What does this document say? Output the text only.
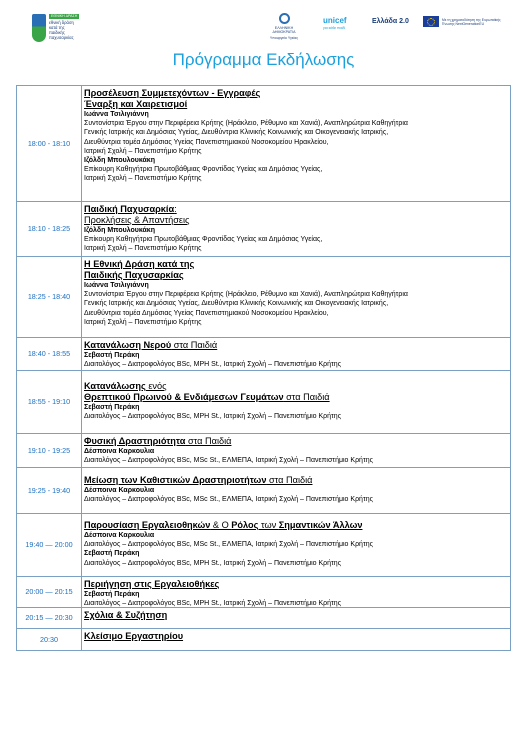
ΕΘΝΙΚΗ ΔΡΑΣΗ
εθνική δράση
κατά της
παιδικής
παχυσαρκίας
ΕΛΛΗΝΙΚΗ ΔΗΜΟΚΡΑΤΙΑ
Υπουργείο Υγείας
unicef
για κάθε παιδί
Ελλάδα 2.0	Με τη χρηματοδότηση της Ευρωπαϊκής Ένωσης NextGenerationEU
Πρόγραμμα Εκδήλωσης
18:00 - 18:10
Προσέλευση Συμμετεχόντων - Εγγραφές
Έναρξη και Χαιρετισμοί
Ιωάννα Τσιλιγιάννη
Συντονίστρια Έργου στην Περιφέρεια Κρήτης (Ηράκλειο, Ρέθυμνο και Χανιά), Αναπληρώτρια Καθηγήτρια
Γενικής Ιατρικής και Δημόσιας Υγείας, Διευθύντρια Κλινικής Κοινωνικής και Οικογενειακής Ιατρικής,
Διευθύντρια τομέα Δημόσιας Υγείας Πανεπιστημιακού Νοσοκομείου Ηρακλείου,
Ιατρική Σχολή – Πανεπιστήμιο Κρήτης
Ιζόλδη Μπουλουκάκη
Επίκουρη Καθηγήτρια Πρωτοβάθμιας Φροντίδας Υγείας και Δημόσιας Υγείας,
Ιατρική Σχολή – Πανεπιστήμιο Κρήτης
18:10 - 18:25
Παιδική Παχυσαρκία:
Προκλήσεις & Απαντήσεις
Ιζόλδη Μπουλουκάκη
Επίκουρη Καθηγήτρια Πρωτοβάθμιας Φροντίδας Υγείας και Δημόσιας Υγείας,
Ιατρική Σχολή – Πανεπιστήμιο Κρήτης
18:25 - 18:40
Η Εθνική Δράση κατά της
Παιδικής Παχυσαρκίας
Ιωάννα Τσιλιγιάννη
Συντονίστρια Έργου στην Περιφέρεια Κρήτης (Ηράκλειο, Ρέθυμνο και Χανιά), Αναπληρώτρια Καθηγήτρια
Γενικής Ιατρικής και Δημόσιας Υγείας, Διευθύντρια Κλινικής Κοινωνικής και Οικογενειακής Ιατρικής,
Διευθύντρια τομέα Δημόσιας Υγείας Πανεπιστημιακού Νοσοκομείου Ηρακλείου,
Ιατρική Σχολή – Πανεπιστήμιο Κρήτης
18:40 - 18:55
Κατανάλωση Νερού στα Παιδιά
Σεβαστή Περάκη
Διαιτολόγος – Διατροφολόγος BSc, MPH St., Ιατρική Σχολή – Πανεπιστήμιο Κρήτης
18:55 - 19:10
Κατανάλωσης ενός
Θρεπτικού Πρωινού & Ενδιάμεσων Γευμάτων στα Παιδιά
Σεβαστή Περάκη
Διαιτολόγος – Διατροφολόγος BSc, MPH St., Ιατρική Σχολή – Πανεπιστήμιο Κρήτης
19:10 - 19:25
Φυσική Δραστηριότητα στα Παιδιά
Δέσποινα Καρκουλια
Διαιτολόγος – Διατροφολόγος BSc, MSc St., ΕΛΜΕΠΑ, Ιατρική Σχολή – Πανεπιστήμιο Κρήτης
19:25 - 19:40
Μείωση των Καθιστικών Δραστηριοτήτων στα Παιδιά
Δέσποινα Καρκουλια
Διαιτολόγος – Διατροφολόγος BSc, MSc St., ΕΛΜΕΠΑ, Ιατρική Σχολή – Πανεπιστήμιο Κρήτης
19:40 — 20:00
Παρουσίαση Εργαλειοθηκών & Ο Ρόλος των Σημαντικών Άλλων
Δέσποινα Καρκουλια
Διαιτολόγος – Διατροφολόγος BSc, MSc St., ΕΛΜΕΠΑ, Ιατρική Σχολή – Πανεπιστήμιο Κρήτης
Σεβαστή Περάκη
Διαιτολόγος – Διατροφολόγος BSc, MPH St., Ιατρική Σχολή – Πανεπιστήμιο Κρήτης
20:00 — 20:15
Περιήγηση στις Εργαλειοθήκες
Σεβαστή Περάκη
Διαιτολόγος – Διατροφολόγος BSc, MPH St., Ιατρική Σχολή – Πανεπιστήμιο Κρήτης
20:15 — 20:30	Σχόλια & Συζήτηση
20:30	Κλείσιμο Εργαστηρίου
